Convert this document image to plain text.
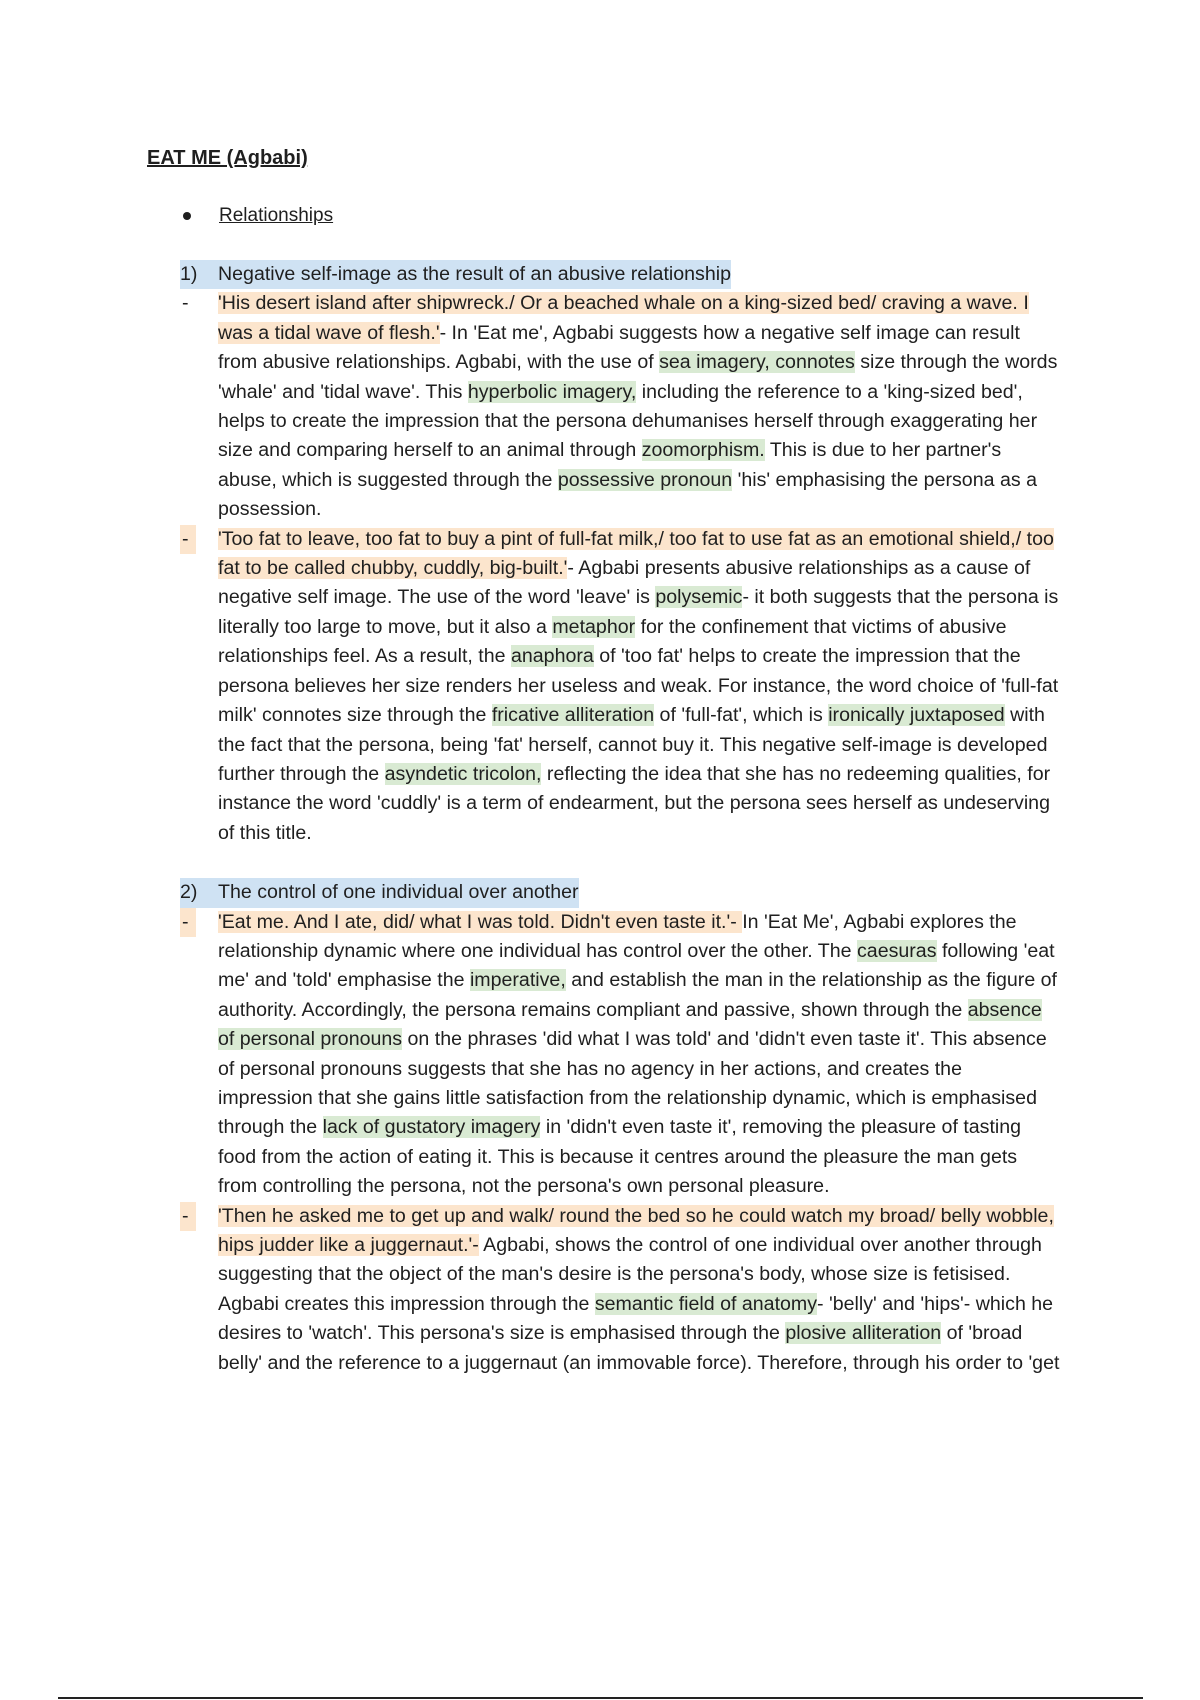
EAT ME (Agbabi)
Relationships
1)	Negative self-image as the result of an abusive relationship
-	'His desert island after shipwreck./ Or a beached whale on a king-sized bed/ craving a wave. I was a tidal wave of flesh.'- In 'Eat me', Agbabi suggests how a negative self image can result from abusive relationships. Agbabi, with the use of sea imagery, connotes size through the words 'whale' and 'tidal wave'. This hyperbolic imagery, including the reference to a 'king-sized bed', helps to create the impression that the persona dehumanises herself through exaggerating her size and comparing herself to an animal through zoomorphism. This is due to her partner's abuse, which is suggested through the possessive pronoun 'his' emphasising the persona as a possession.
-	'Too fat to leave, too fat to buy a pint of full-fat milk,/ too fat to use fat as an emotional shield,/ too fat to be called chubby, cuddly, big-built.'- Agbabi presents abusive relationships as a cause of negative self image. The use of the word 'leave' is polysemic- it both suggests that the persona is literally too large to move, but it also a metaphor for the confinement that victims of abusive relationships feel. As a result, the anaphora of 'too fat' helps to create the impression that the persona believes her size renders her useless and weak. For instance, the word choice of 'full-fat milk' connotes size through the fricative alliteration of 'full-fat', which is ironically juxtaposed with the fact that the persona, being 'fat' herself, cannot buy it. This negative self-image is developed further through the asyndetic tricolon, reflecting the idea that she has no redeeming qualities, for instance the word 'cuddly' is a term of endearment, but the persona sees herself as undeserving of this title.
2)	The control of one individual over another
-	'Eat me. And I ate, did/ what I was told. Didn't even taste it.'- In 'Eat Me', Agbabi explores the relationship dynamic where one individual has control over the other. The caesuras following 'eat me' and 'told' emphasise the imperative, and establish the man in the relationship as the figure of authority. Accordingly, the persona remains compliant and passive, shown through the absence of personal pronouns on the phrases 'did what I was told' and 'didn't even taste it'. This absence of personal pronouns suggests that she has no agency in her actions, and creates the impression that she gains little satisfaction from the relationship dynamic, which is emphasised through the lack of gustatory imagery in 'didn't even taste it', removing the pleasure of tasting food from the action of eating it. This is because it centres around the pleasure the man gets from controlling the persona, not the persona's own personal pleasure.
-	'Then he asked me to get up and walk/ round the bed so he could watch my broad/ belly wobble, hips judder like a juggernaut.'- Agbabi, shows the control of one individual over another through suggesting that the object of the man's desire is the persona's body, whose size is fetisised. Agbabi creates this impression through the semantic field of anatomy- 'belly' and 'hips'- which he desires to 'watch'. This persona's size is emphasised through the plosive alliteration of 'broad belly' and the reference to a juggernaut (an immovable force). Therefore, through his order to 'get
